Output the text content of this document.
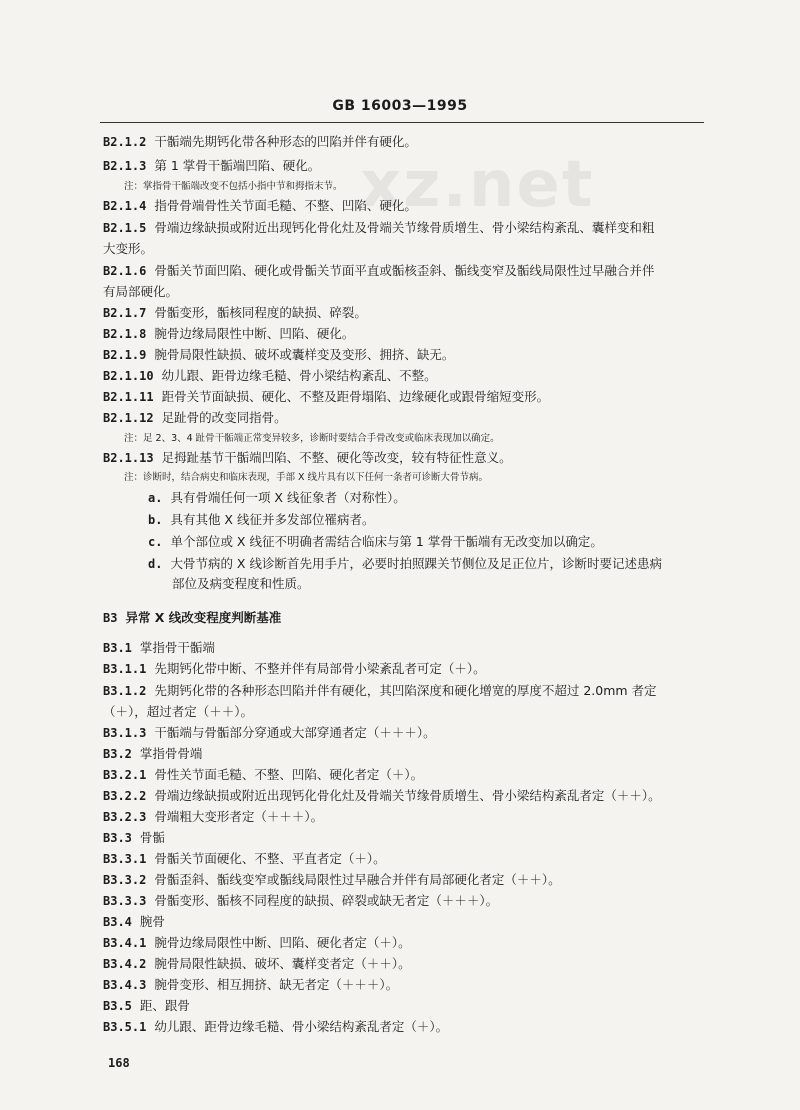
GB 16003—1995
xz.net
B2.1.2 干骺端先期钙化带各种形态的凹陷并伴有硬化。
B2.1.3 第 1 掌骨干骺端凹陷、硬化。
注：掌指骨干骺端改变不包括小指中节和拇指末节。
B2.1.4 指骨骨端骨性关节面毛糙、不整、凹陷、硬化。
B2.1.5 骨端边缘缺损或附近出现钙化骨化灶及骨端关节缘骨质增生、骨小梁结构紊乱、囊样变和粗
大变形。
B2.1.6 骨骺关节面凹陷、硬化或骨骺关节面平直或骺核歪斜、骺线变窄及骺线局限性过早融合并伴
有局部硬化。
B2.1.7 骨骺变形，骺核同程度的缺损、碎裂。
B2.1.8 腕骨边缘局限性中断、凹陷、硬化。
B2.1.9 腕骨局限性缺损、破坏或囊样变及变形、拥挤、缺无。
B2.1.10 幼儿跟、距骨边缘毛糙、骨小梁结构紊乱、不整。
B2.1.11 距骨关节面缺损、硬化、不整及距骨塌陷、边缘硬化或跟骨缩短变形。
B2.1.12 足趾骨的改变同指骨。
注：足 2、3、4 趾骨干骺端正常变异较多，诊断时要结合手骨改变或临床表现加以确定。
B2.1.13 足拇趾基节干骺端凹陷、不整、硬化等改变，较有特征性意义。
注：诊断时，结合病史和临床表现，手部 X 线片具有以下任何一条者可诊断大骨节病。
a. 具有骨端任何一项 X 线征象者（对称性）。
b. 具有其他 X 线征并多发部位罹病者。
c. 单个部位或 X 线征不明确者需结合临床与第 1 掌骨干骺端有无改变加以确定。
d. 大骨节病的 X 线诊断首先用手片，必要时拍照踝关节侧位及足正位片，诊断时要记述患病
部位及病变程度和性质。
B3 异常 X 线改变程度判断基准
B3.1 掌指骨干骺端
B3.1.1 先期钙化带中断、不整并伴有局部骨小梁紊乱者可定（＋）。
B3.1.2 先期钙化带的各种形态凹陷并伴有硬化，其凹陷深度和硬化增宽的厚度不超过 2.0mm 者定
（＋），超过者定（＋＋）。
B3.1.3 干骺端与骨骺部分穿通或大部穿通者定（＋＋＋）。
B3.2 掌指骨骨端
B3.2.1 骨性关节面毛糙、不整、凹陷、硬化者定（＋）。
B3.2.2 骨端边缘缺损或附近出现钙化骨化灶及骨端关节缘骨质增生、骨小梁结构紊乱者定（＋＋）。
B3.2.3 骨端粗大变形者定（＋＋＋）。
B3.3 骨骺
B3.3.1 骨骺关节面硬化、不整、平直者定（＋）。
B3.3.2 骨骺歪斜、骺线变窄或骺线局限性过早融合并伴有局部硬化者定（＋＋）。
B3.3.3 骨骺变形、骺核不同程度的缺损、碎裂或缺无者定（＋＋＋）。
B3.4 腕骨
B3.4.1 腕骨边缘局限性中断、凹陷、硬化者定（＋）。
B3.4.2 腕骨局限性缺损、破坏、囊样变者定（＋＋）。
B3.4.3 腕骨变形、相互拥挤、缺无者定（＋＋＋）。
B3.5 距、跟骨
B3.5.1 幼儿跟、距骨边缘毛糙、骨小梁结构紊乱者定（＋）。
168
